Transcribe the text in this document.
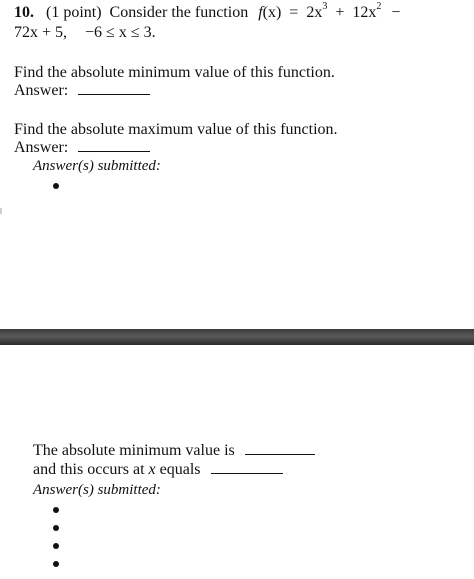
10. (1 point) Consider the function $f(x) = 2x^3 + 12x^2$ −
72x + 5, −6 ≤ x ≤ 3.
Find the absolute minimum value of this function.
Answer:
Find the absolute maximum value of this function.
Answer:
Answer(s) submitted:
The absolute minimum value is
and this occurs at x equals
Answer(s) submitted:
